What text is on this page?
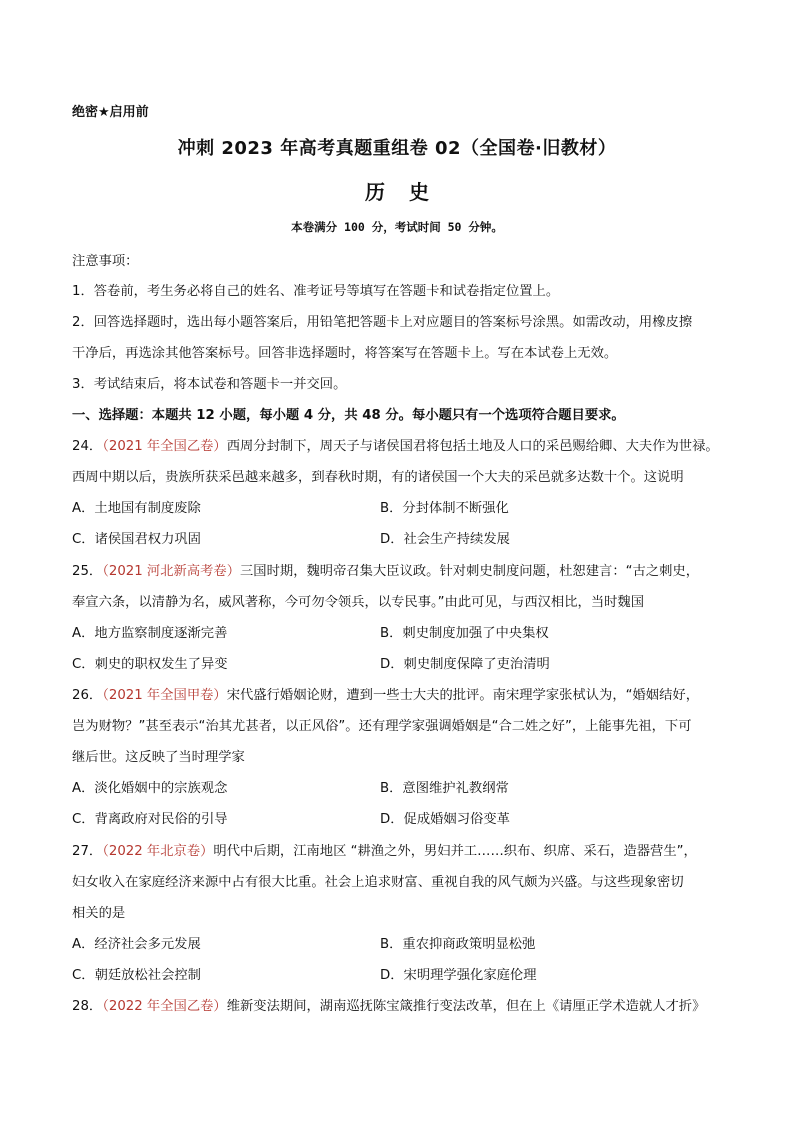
绝密★启用前
冲刺 2023 年高考真题重组卷 02（全国卷·旧教材）
历史
本卷满分 100 分，考试时间 50 分钟。
注意事项：
1．答卷前，考生务必将自己的姓名、准考证号等填写在答题卡和试卷指定位置上。
2．回答选择题时，选出每小题答案后，用铅笔把答题卡上对应题目的答案标号涂黑。如需改动，用橡皮擦
干净后，再选涂其他答案标号。回答非选择题时，将答案写在答题卡上。写在本试卷上无效。
3．考试结束后，将本试卷和答题卡一并交回。
一、选择题：本题共 12 小题，每小题 4 分，共 48 分。每小题只有一个选项符合题目要求。
24．（2021 年全国乙卷）西周分封制下，周天子与诸侯国君将包括土地及人口的采邑赐给卿、大夫作为世禄。
西周中期以后，贵族所获采邑越来越多，到春秋时期，有的诸侯国一个大夫的采邑就多达数十个。这说明
A．土地国有制度废除	B．分封体制不断强化
C．诸侯国君权力巩固	D．社会生产持续发展
25．（2021 河北新高考卷）三国时期，魏明帝召集大臣议政。针对刺史制度问题，杜恕建言：“古之刺史，
奉宣六条，以清静为名，威风著称，今可勿令领兵，以专民事。”由此可见，与西汉相比，当时魏国
A．地方监察制度逐渐完善	B．刺史制度加强了中央集权
C．刺史的职权发生了异变	D．刺史制度保障了吏治清明
26．（2021 年全国甲卷）宋代盛行婚姻论财，遭到一些士大夫的批评。南宋理学家张栻认为，“婚姻结好，
岂为财物？”甚至表示“治其尤甚者，以正风俗”。还有理学家强调婚姻是“合二姓之好”，上能事先祖，下可
继后世。这反映了当时理学家
A．淡化婚姻中的宗族观念	B．意图维护礼教纲常
C．背离政府对民俗的引导	D．促成婚姻习俗变革
27．（2022 年北京卷）明代中后期，江南地区 “耕渔之外，男妇并工……织布、织席、采石，造器营生”，
妇女收入在家庭经济来源中占有很大比重。社会上追求财富、重视自我的风气颇为兴盛。与这些现象密切
相关的是
A．经济社会多元发展	B．重农抑商政策明显松弛
C．朝廷放松社会控制	D．宋明理学强化家庭伦理
28．（2022 年全国乙卷）维新变法期间，湖南巡抚陈宝箴推行变法改革，但在上《请厘正学术造就人才折》
